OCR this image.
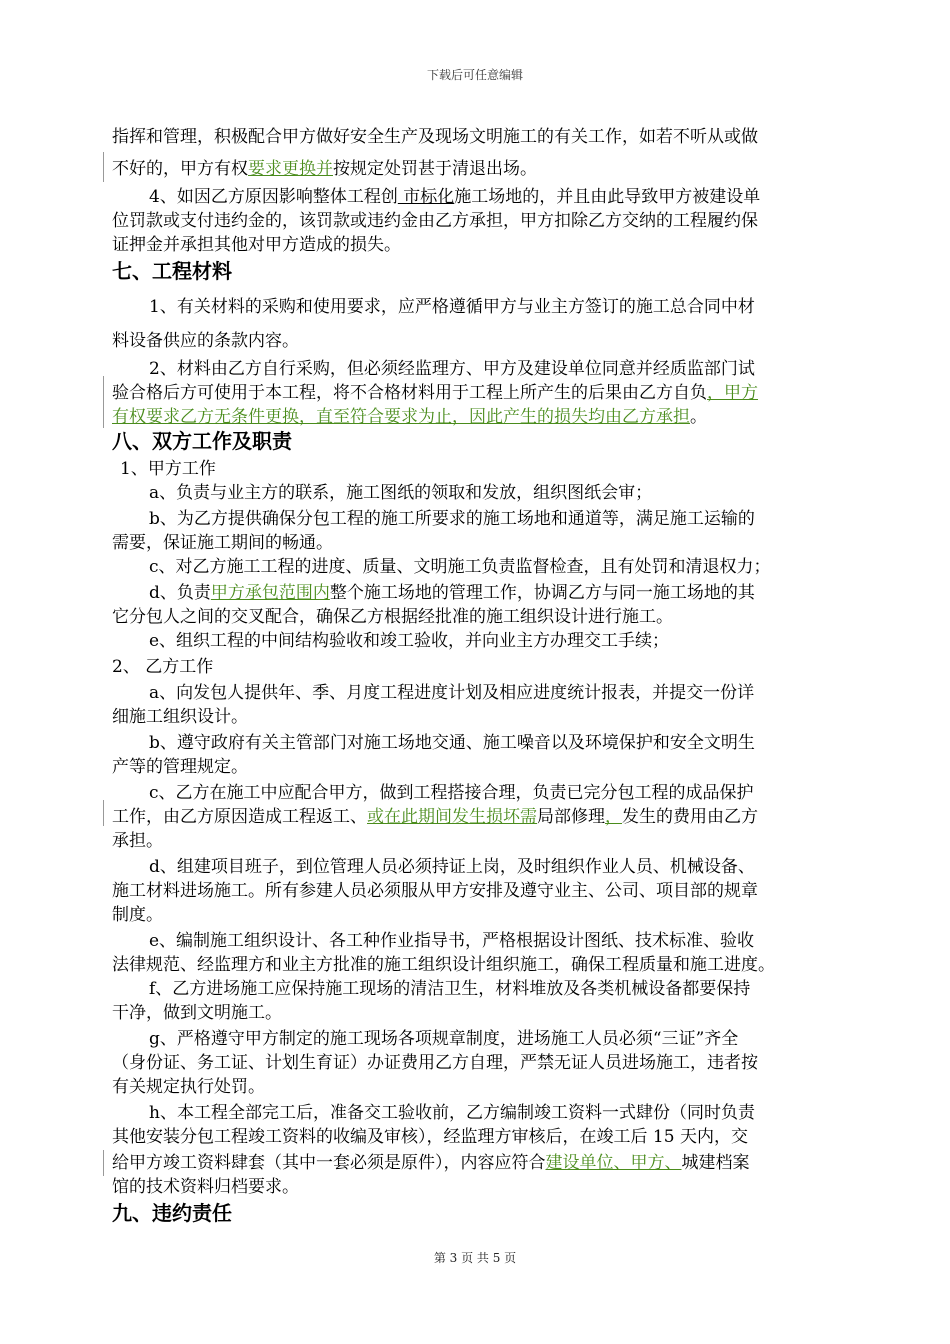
下载后可任意编辑
指挥和管理，积极配合甲方做好安全生产及现场文明施工的有关工作，如若不听从或做
不好的，甲方有权要求更换并按规定处罚甚于清退出场。
4、如因乙方原因影响整体工程创 市标化施工场地的，并且由此导致甲方被建设单
位罚款或支付违约金的，该罚款或违约金由乙方承担，甲方扣除乙方交纳的工程履约保
证押金并承担其他对甲方造成的损失。
七、工程材料
1、有关材料的采购和使用要求，应严格遵循甲方与业主方签订的施工总合同中材
料设备供应的条款内容。
2、材料由乙方自行采购，但必须经监理方、甲方及建设单位同意并经质监部门试
验合格后方可使用于本工程，将不合格材料用于工程上所产生的后果由乙方自负，甲方
有权要求乙方无条件更换，直至符合要求为止，因此产生的损失均由乙方承担。
八、双方工作及职责
1、甲方工作
a、负责与业主方的联系，施工图纸的领取和发放，组织图纸会审；
b、为乙方提供确保分包工程的施工所要求的施工场地和通道等，满足施工运输的
需要，保证施工期间的畅通。
c、对乙方施工工程的进度、质量、文明施工负责监督检查，且有处罚和清退权力；
d、负责甲方承包范围内整个施工场地的管理工作，协调乙方与同一施工场地的其
它分包人之间的交叉配合，确保乙方根据经批准的施工组织设计进行施工。
e、组织工程的中间结构验收和竣工验收，并向业主方办理交工手续；
2、 乙方工作
a、向发包人提供年、季、月度工程进度计划及相应进度统计报表，并提交一份详
细施工组织设计。
b、遵守政府有关主管部门对施工场地交通、施工噪音以及环境保护和安全文明生
产等的管理规定。
c、乙方在施工中应配合甲方，做到工程搭接合理，负责已完分包工程的成品保护
工作，由乙方原因造成工程返工、或在此期间发生损坏需局部修理，发生的费用由乙方
承担。
d、组建项目班子，到位管理人员必须持证上岗，及时组织作业人员、机械设备、
施工材料进场施工。所有参建人员必须服从甲方安排及遵守业主、公司、项目部的规章
制度。
e、编制施工组织设计、各工种作业指导书，严格根据设计图纸、技术标准、验收
法律规范、经监理方和业主方批准的施工组织设计组织施工，确保工程质量和施工进度。
f、乙方进场施工应保持施工现场的清洁卫生，材料堆放及各类机械设备都要保持
干净，做到文明施工。
g、严格遵守甲方制定的施工现场各项规章制度，进场施工人员必须“三证”齐全
（身份证、务工证、计划生育证）办证费用乙方自理，严禁无证人员进场施工，违者按
有关规定执行处罚。
h、本工程全部完工后，准备交工验收前，乙方编制竣工资料一式肆份（同时负责
其他安装分包工程竣工资料的收编及审核），经监理方审核后，在竣工后 15 天内，交
给甲方竣工资料肆套（其中一套必须是原件），内容应符合建设单位、甲方、城建档案
馆的技术资料归档要求。
九、违约责任
第 3 页 共 5 页
